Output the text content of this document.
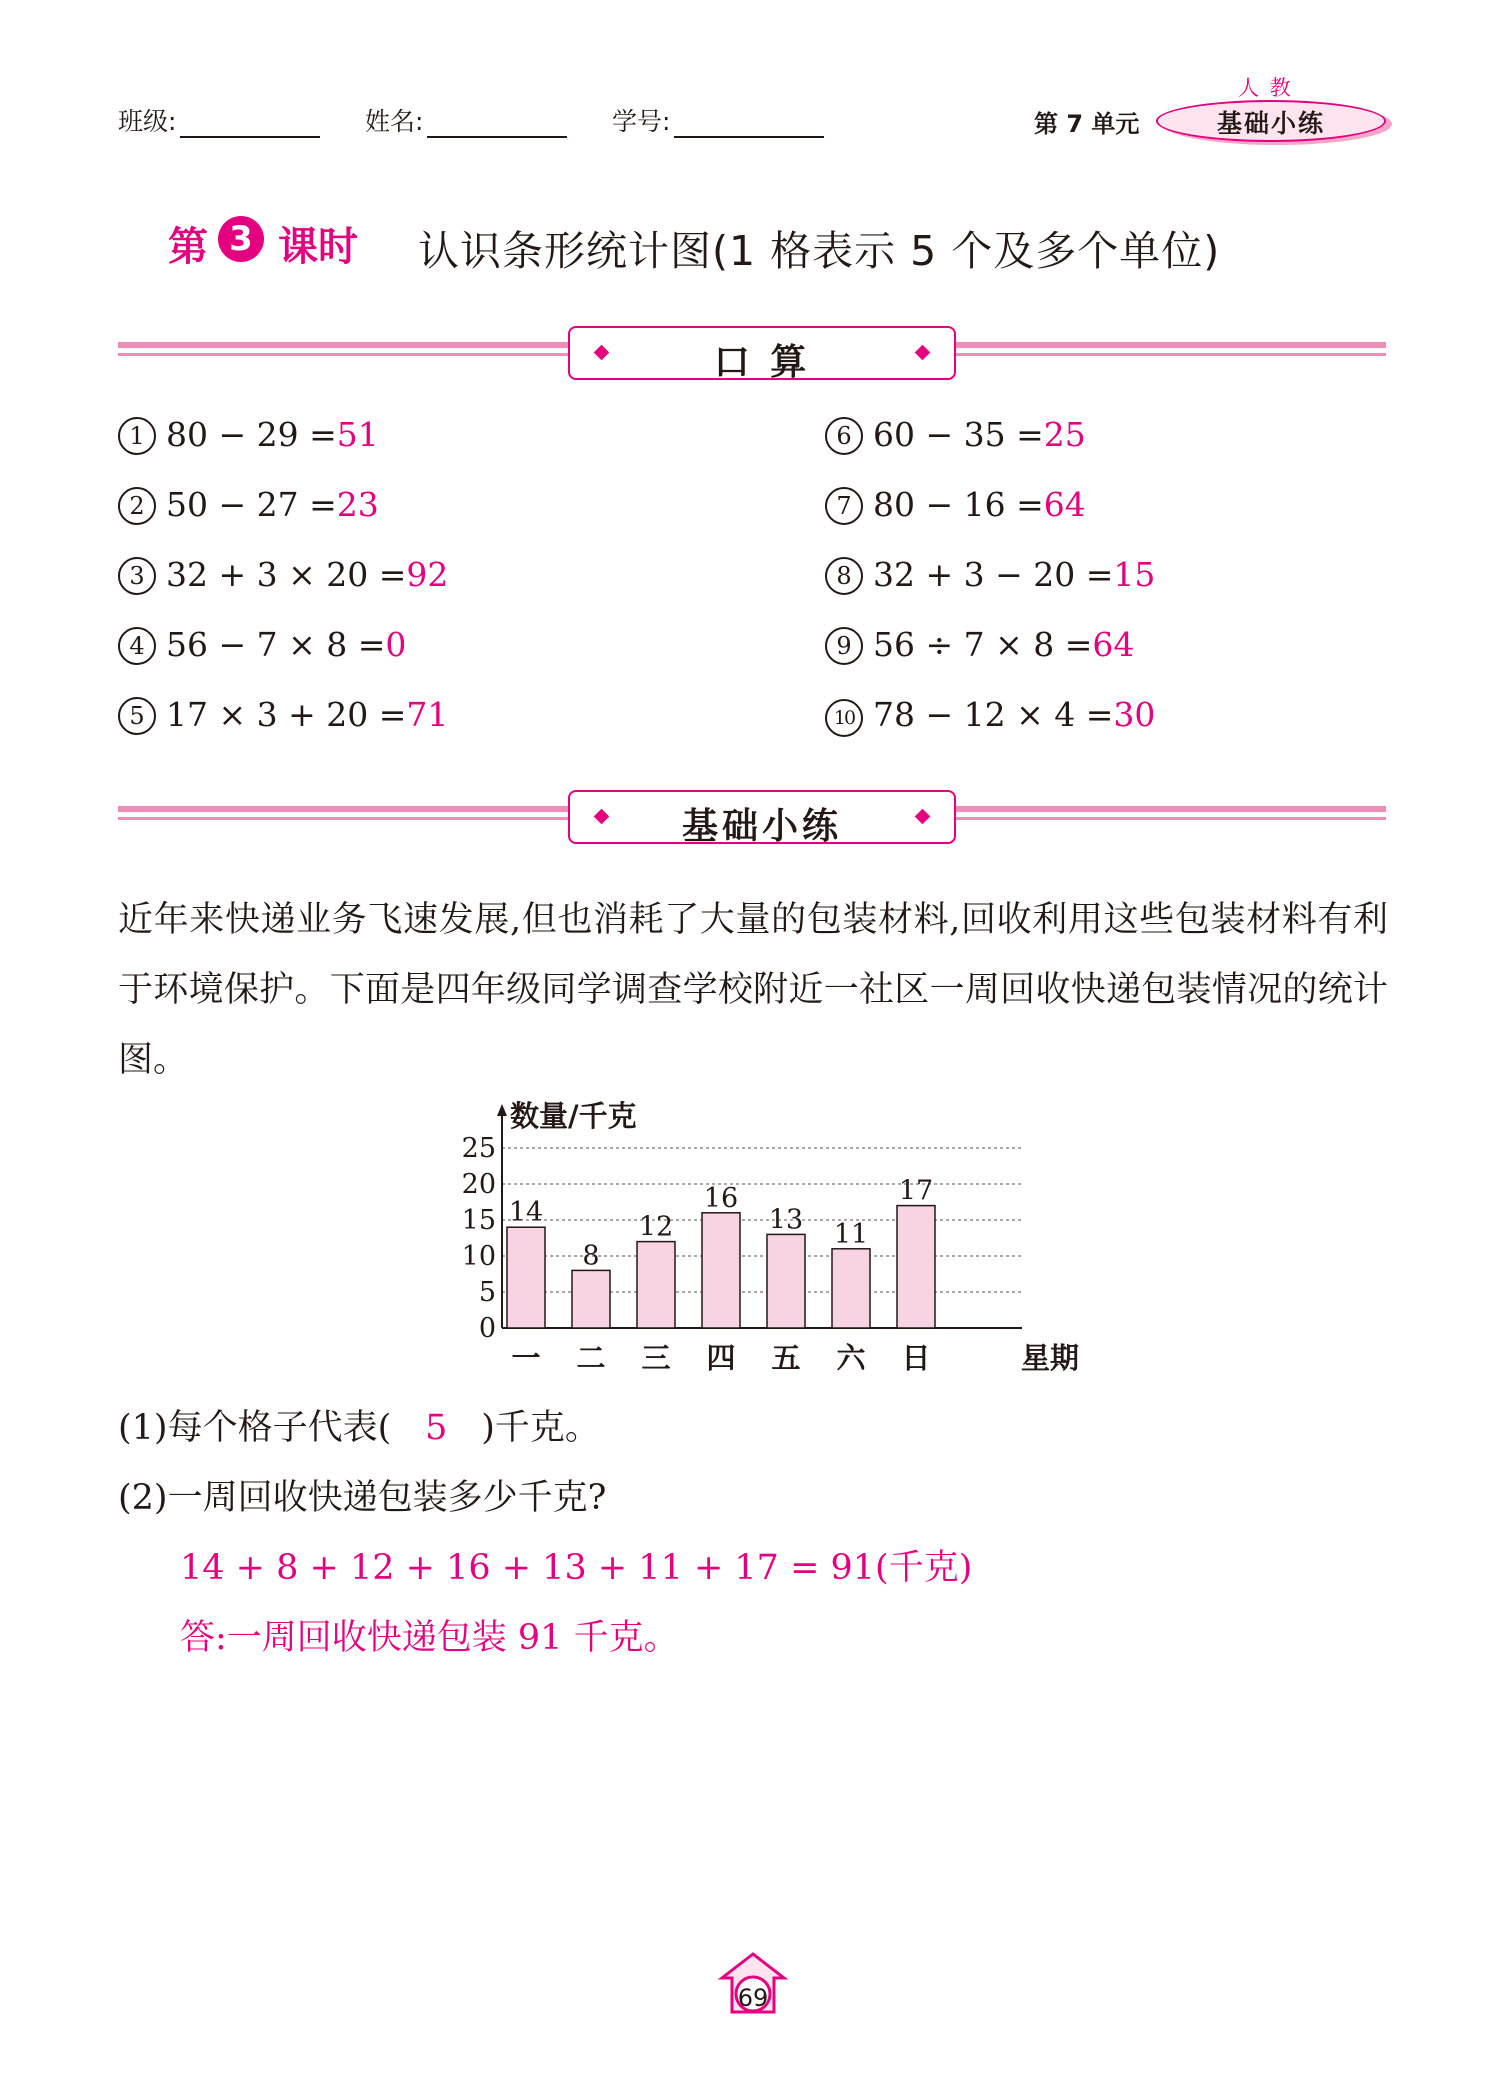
班级:	姓名:	学号:	第 7 单元
人 教
基础小练
第 3 课时 认识条形统计图(1 格表示 5 个及多个单位)
口 算
1 80 − 29 =51
2 50 − 27 =23
3 32 + 3 × 20 =92
4 56 − 7 × 8 =0
5 17 × 3 + 20 =71
6 60 − 35 =25
7 80 − 16 =64
8 32 + 3 − 20 =15
9 56 ÷ 7 × 8 =64
10 78 − 12 × 4 =30
基础小练
近年来快递业务飞速发展,但也消耗了大量的包装材料,回收利用这些包装材料有利于环境保护。下面是四年级同学调查学校附近一社区一周回收快递包装情况的统计图。
0
5
10
15
20
25
数量/千克
14
一
8
二
12
三
16
四
13
五
11
六
17
日	星期
(1)每个格子代表( 5 )千克。
(2)一周回收快递包装多少千克?
14 + 8 + 12 + 16 + 13 + 11 + 17 = 91(千克)
答:一周回收快递包装 91 千克。
69
